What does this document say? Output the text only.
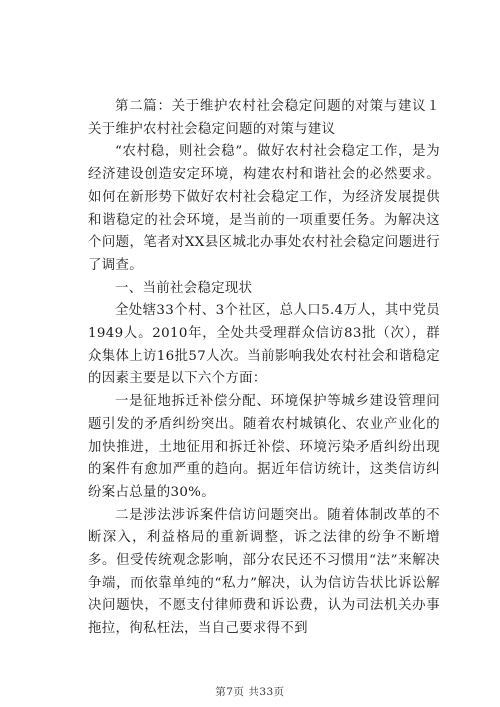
第二篇：关于维护农村社会稳定问题的对策与建议１关于维护农村社会稳定问题的对策与建议

“农村稳，则社会稳”。做好农村社会稳定工作，是为经济建设创造安定环境，构建农村和谐社会的必然要求。如何在新形势下做好农村社会稳定工作，为经济发展提供和谐稳定的社会环境，是当前的一项重要任务。为解决这个问题，笔者对XX县区城北办事处农村社会稳定问题进行了调查。

一、当前社会稳定现状

全处辖33个村、3个社区，总人口5.4万人，其中党员1949人。2010年，全处共受理群众信访83批（次），群众集体上访16批57人次。当前影响我处农村社会和谐稳定的因素主要是以下六个方面：

一是征地拆迁补偿分配、环境保护等城乡建设管理问题引发的矛盾纠纷突出。随着农村城镇化、农业产业化的加快推进，土地征用和拆迁补偿、环境污染矛盾纠纷出现的案件有愈加严重的趋向。据近年信访统计，这类信访纠纷案占总量的30%。

二是涉法涉诉案件信访问题突出。随着体制改革的不断深入，利益格局的重新调整，诉之法律的纷争不断增多。但受传统观念影响，部分农民还不习惯用“法”来解决争端，而依靠单纯的“私力”解决，认为信访告状比诉讼解决问题快，不愿支付律师费和诉讼费，认为司法机关办事拖拉，徇私枉法，当自己要求得不到

第7页 共33页
